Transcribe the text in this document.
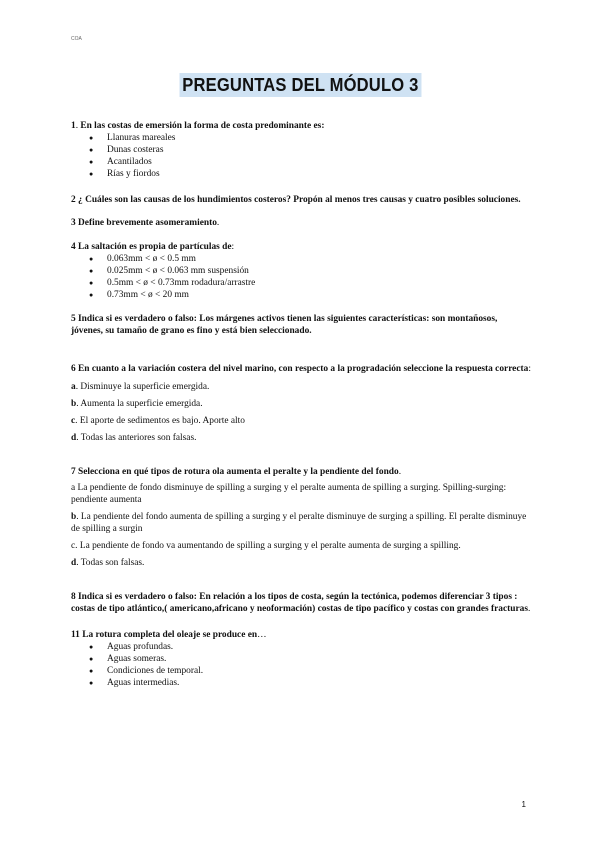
COA
PREGUNTAS DEL MÓDULO 3

1. En las costas de emersión la forma de costa predominante es:

● Llanuras mareales
● Dunas costeras
● Acantilados
● Rías y fiordos

2 ¿ Cuáles son las causas de los hundimientos costeros? Propón al menos tres causas y cuatro posibles soluciones.

3 Define brevemente asomeramiento.

4 La saltación es propia de partículas de:

● 0.063mm < ø < 0.5 mm
● 0.025mm < ø < 0.063 mm suspensión
● 0.5mm < ø < 0.73mm rodadura/arrastre
● 0.73mm < ø < 20 mm

5 Indica si es verdadero o falso: Los márgenes activos tienen las siguientes características: son montañosos, jóvenes, su tamaño de grano es fino y está bien seleccionado.

6 En cuanto a la variación costera del nivel marino, con respecto a la progradación seleccione la respuesta correcta:

a. Disminuye la superficie emergida.

b. Aumenta la superficie emergida.

c. El aporte de sedimentos es bajo. Aporte alto

d. Todas las anteriores son falsas.

7 Selecciona en qué tipos de rotura ola aumenta el peralte y la pendiente del fondo.

a La pendiente de fondo disminuye de spilling a surging y el peralte aumenta de spilling a surging. Spilling-surging: pendiente aumenta

b. La pendiente del fondo aumenta de spilling a surging y el peralte disminuye de surging a spilling. El peralte disminuye de spilling a surgin

c. La pendiente de fondo va aumentando de spilling a surging y el peralte aumenta de surging a spilling.

d. Todas son falsas.

8 Indica si es verdadero o falso: En relación a los tipos de costa, según la tectónica, podemos diferenciar 3 tipos : costas de tipo atlántico,( americano,africano y neoformación) costas de tipo pacífico y costas con grandes fracturas.

11 La rotura completa del oleaje se produce en…

● Aguas profundas.
● Aguas someras.
● Condiciones de temporal.
● Aguas intermedias.
1
